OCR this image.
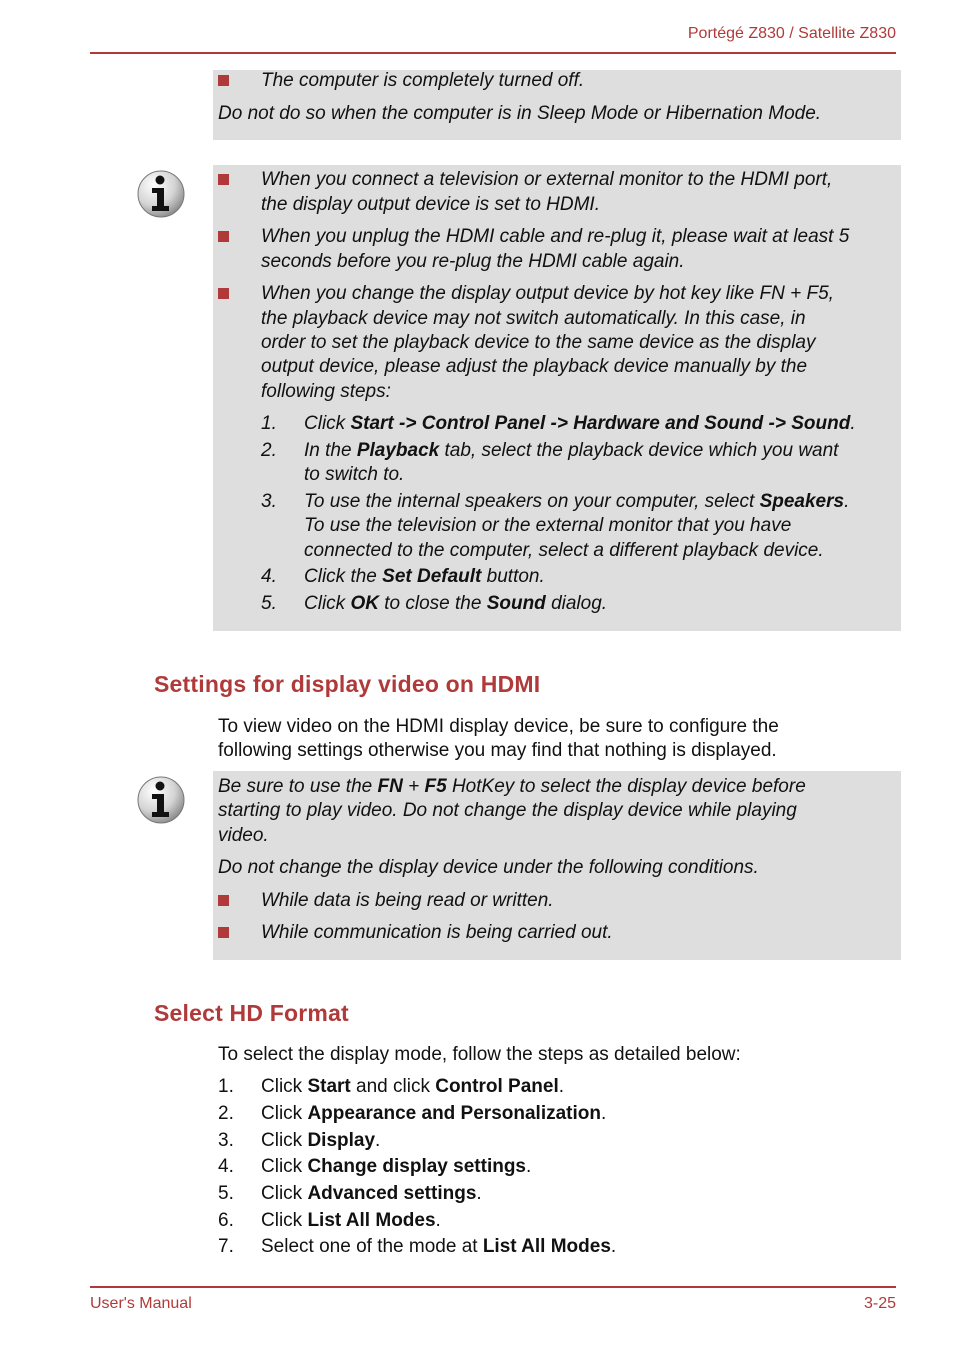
Portégé Z830 / Satellite Z830
The computer is completely turned off.
Do not do so when the computer is in Sleep Mode or Hibernation Mode.
When you connect a television or external monitor to the HDMI port,
the display output device is set to HDMI.
When you unplug the HDMI cable and re-plug it, please wait at least 5
seconds before you re-plug the HDMI cable again.
When you change the display output device by hot key like FN + F5,
the playback device may not switch automatically. In this case, in
order to set the playback device to the same device as the display
output device, please adjust the playback device manually by the
following steps:
1. Click Start -> Control Panel -> Hardware and Sound -> Sound.
2. In the Playback tab, select the playback device which you want
to switch to.
3. To use the internal speakers on your computer, select Speakers.
To use the television or the external monitor that you have
connected to the computer, select a different playback device.
4. Click the Set Default button.
5. Click OK to close the Sound dialog.
Settings for display video on HDMI
To view video on the HDMI display device, be sure to configure the
following settings otherwise you may find that nothing is displayed.
Be sure to use the FN + F5 HotKey to select the display device before
starting to play video. Do not change the display device while playing
video.
Do not change the display device under the following conditions.
While data is being read or written.
While communication is being carried out.
Select HD Format
To select the display mode, follow the steps as detailed below:
1. Click Start and click Control Panel.
2. Click Appearance and Personalization.
3. Click Display.
4. Click Change display settings.
5. Click Advanced settings.
6. Click List All Modes.
7. Select one of the mode at List All Modes.
User's Manual	3-25
